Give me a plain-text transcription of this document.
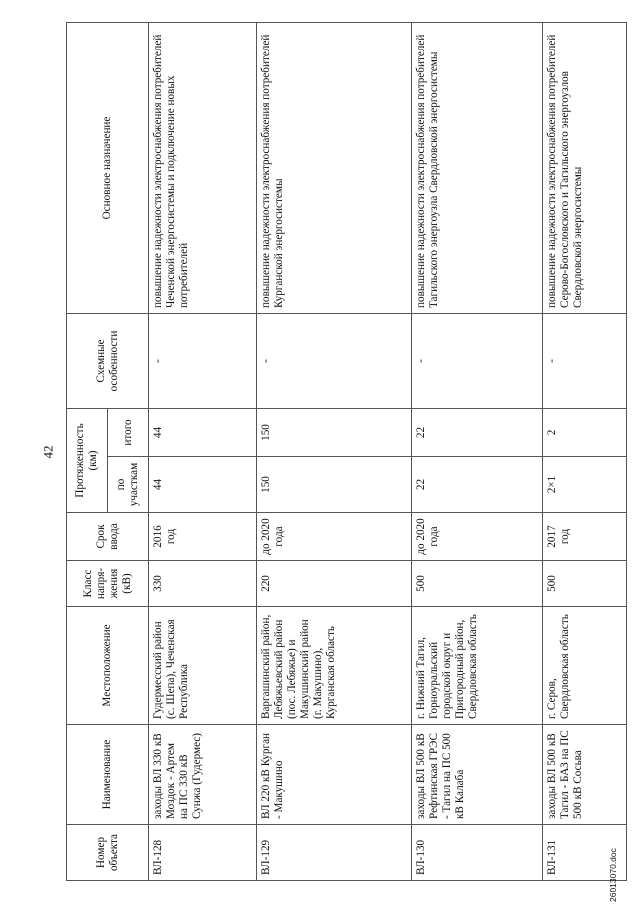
42
Номер объекта	Наименование	Местоположение	Класс напря-жения (кВ)	Срок ввода	Протяженность (км)		Схемные особенности	Основное назначение
					по участкам	итого		
ВЛ-128	заходы ВЛ 330 кВ Моздок - Артем на ПС 330 кВ Сунжа (Гудермес)	Гудермесский район (с. Шепа), Чеченская Республика	330	2016 год	44	44	-	повышение надежности электроснабжения потребителей Чеченской энергосистемы и подключение новых потребителей
ВЛ-129	ВЛ 220 кВ Курган - Макушино	Варгашинский район, Лебяжьевский район (пос. Лебяжье) и Макушинский район (г. Макушино), Курганская область	220	до 2020 года	150	150	-	повышение надежности электроснабжения потребителей Курганской энергосистемы
ВЛ-130	заходы ВЛ 500 кВ Рефтинская ГРЭС - Тагил на ПС 500 кВ Калаба	г. Нижний Тагил, Горноуральский городской округ и Пригородный район, Свердловская область	500	до 2020 года	22	22	-	повышение надежности электроснабжения потребителей Тагильского энергоузла Свердловской энергосистемы
ВЛ-131	заходы ВЛ 500 кВ Тагил - БАЗ на ПС 500 кВ Сосьва	г. Серов, Свердловская область	500	2017 год	2×1	2	-	повышение надежности электроснабжения потребителей Серово-Богословского и Тагильского энергоузлов Свердловской энергосистемы
26013070.doc
